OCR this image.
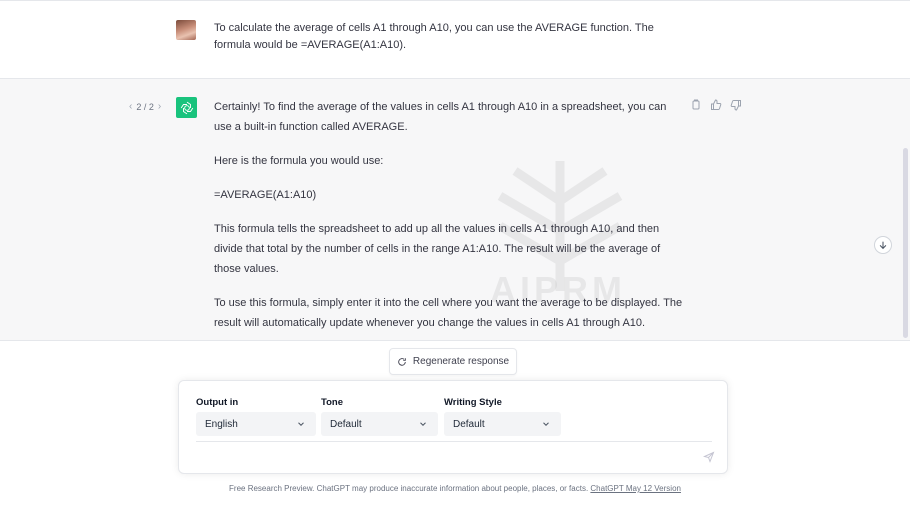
To calculate the average of cells A1 through A10, you can use the AVERAGE function. The formula would be =AVERAGE(A1:A10).
AIPRM
‹ 2 / 2 ›	Certainly! To find the average of the values in cells A1 through A10 in a spreadsheet, you can use a built-in function called AVERAGE.

Here is the formula you would use:

=AVERAGE(A1:A10)

This formula tells the spreadsheet to add up all the values in cells A1 through A10, and then divide that total by the number of cells in the range A1:A10. The result will be the average of those values.

To use this formula, simply enter it into the cell where you want the average to be displayed. The result will automatically update whenever you change the values in cells A1 through A10.

Regenerate response
Output in
English
Tone
Default
Writing Style
Default
Free Research Preview. ChatGPT may produce inaccurate information about people, places, or facts. ChatGPT May 12 Version
